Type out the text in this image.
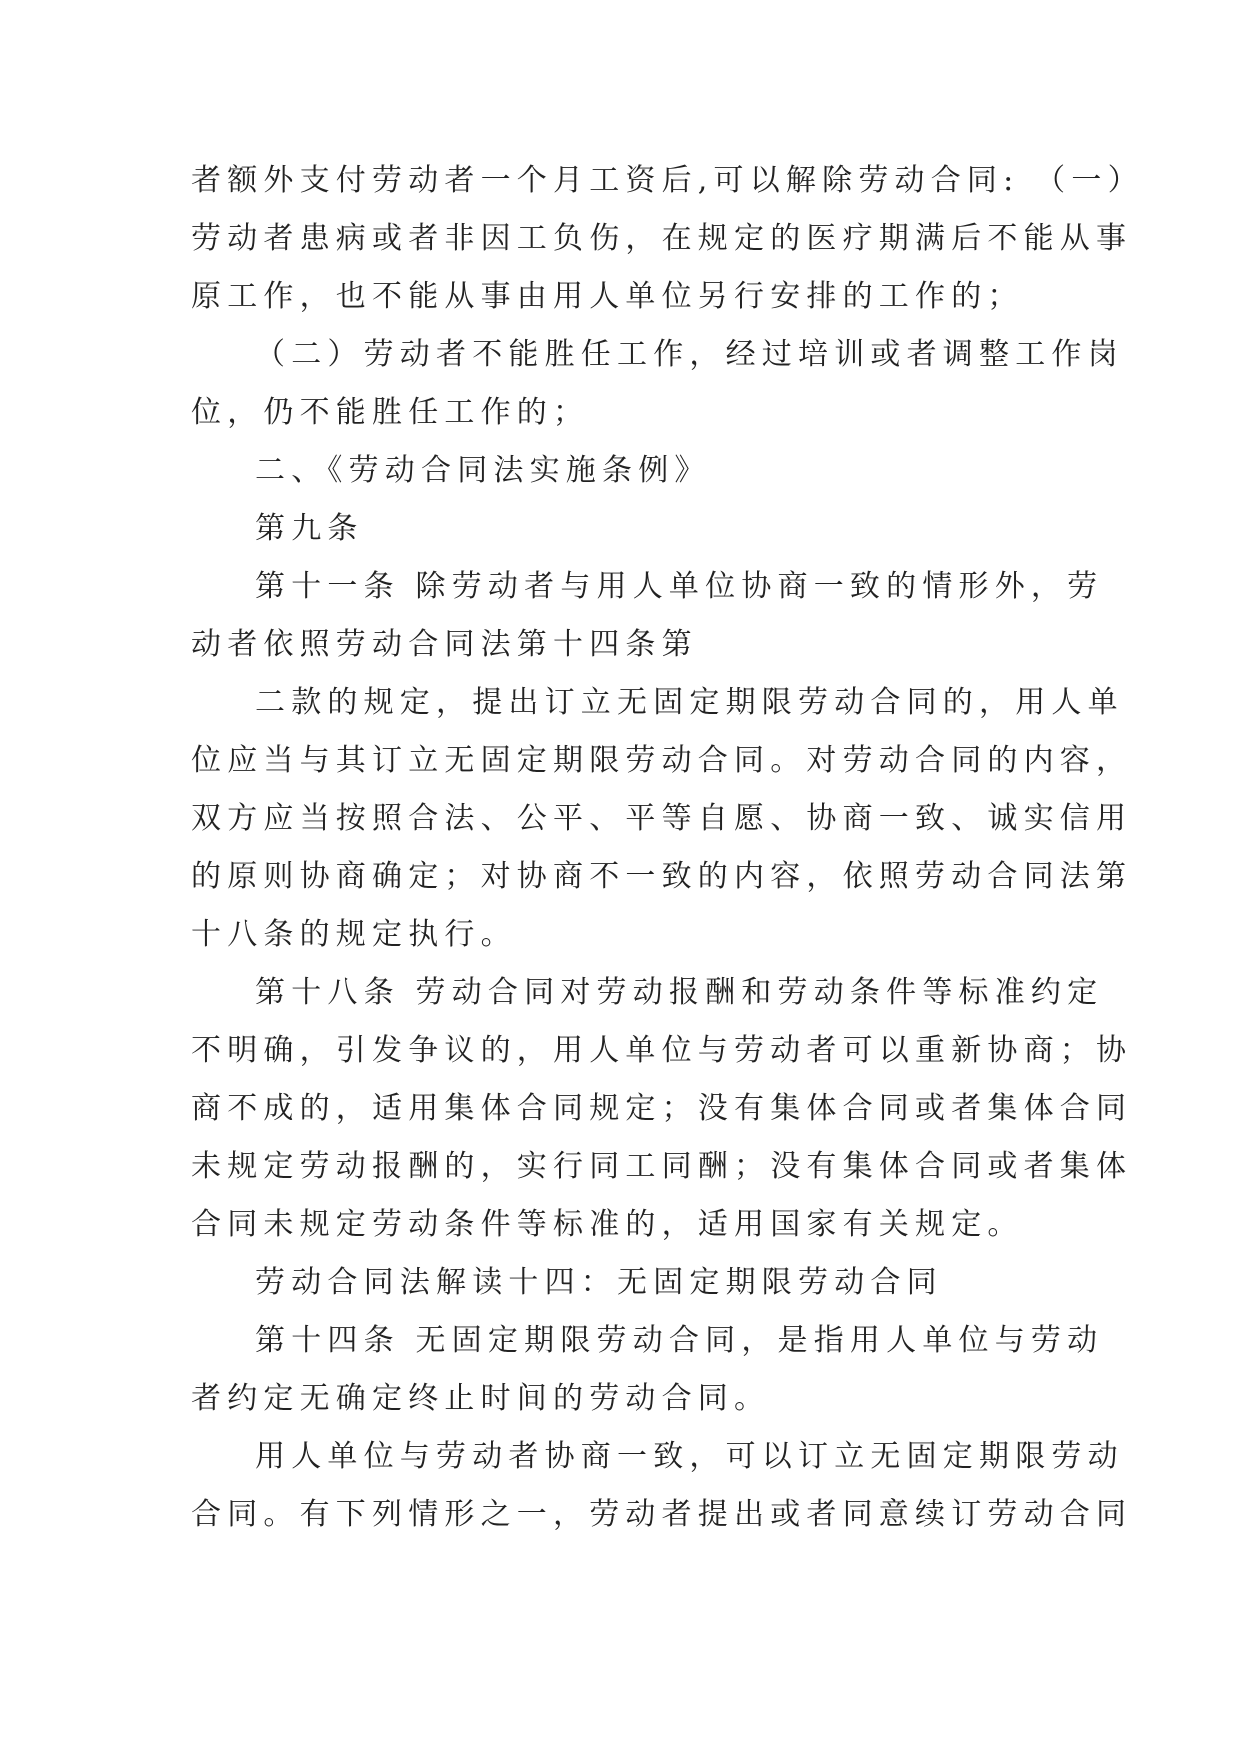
者额外支付劳动者一个月工资后,可以解除劳动合同: （一）
劳动者患病或者非因工负伤，在规定的医疗期满后不能从事
原工作，也不能从事由用人单位另行安排的工作的；
（二）劳动者不能胜任工作，经过培训或者调整工作岗
位，仍不能胜任工作的；
二、《劳动合同法实施条例》
第九条
第十一条 除劳动者与用人单位协商一致的情形外，劳
动者依照劳动合同法第十四条第
二款的规定，提出订立无固定期限劳动合同的，用人单
位应当与其订立无固定期限劳动合同。对劳动合同的内容，
双方应当按照合法、公平、平等自愿、协商一致、诚实信用
的原则协商确定；对协商不一致的内容，依照劳动合同法第
十八条的规定执行。
第十八条 劳动合同对劳动报酬和劳动条件等标准约定
不明确，引发争议的，用人单位与劳动者可以重新协商；协
商不成的，适用集体合同规定；没有集体合同或者集体合同
未规定劳动报酬的，实行同工同酬；没有集体合同或者集体
合同未规定劳动条件等标准的，适用国家有关规定。
劳动合同法解读十四：无固定期限劳动合同
第十四条 无固定期限劳动合同，是指用人单位与劳动
者约定无确定终止时间的劳动合同。
用人单位与劳动者协商一致，可以订立无固定期限劳动
合同。有下列情形之一，劳动者提出或者同意续订劳动合同
